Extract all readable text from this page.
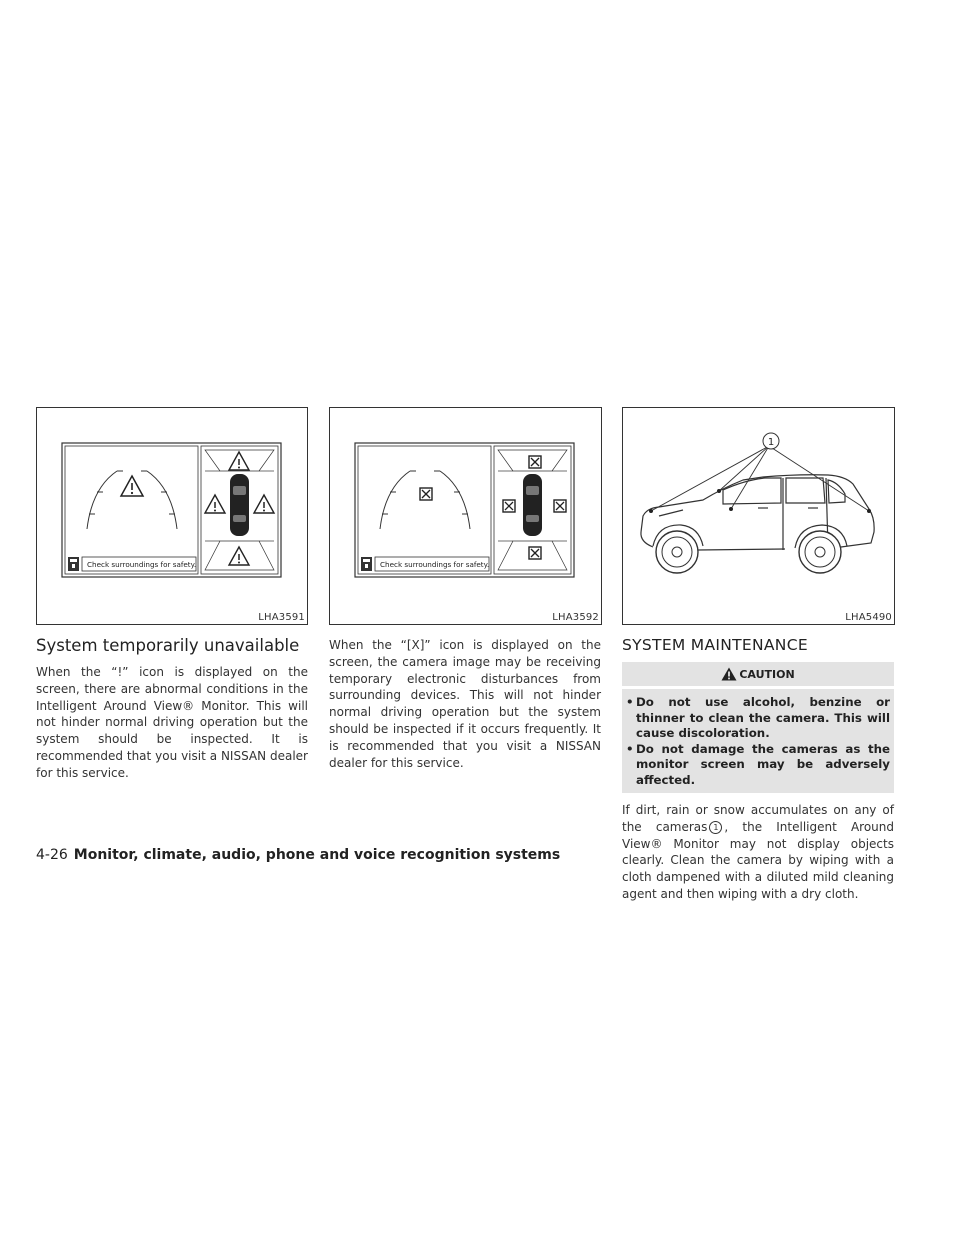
Check surroundings for safety.
LHA3591
Check surroundings for safety.
LHA3592
1
LHA5490
System temporarily unavailable

When the “!” icon is displayed on the screen, there are abnormal conditions in the Intelligent Around View® Monitor. This will not hinder normal driving operation but the system should be inspected. It is recommended that you visit a NISSAN dealer for this service.

When the “[X]” icon is displayed on the screen, the camera image may be receiving temporary electronic disturbances from surrounding devices. This will not hinder normal driving operation but the system should be inspected if it occurs frequently. It is recommended that you visit a NISSAN dealer for this service.

SYSTEM MAINTENANCE
CAUTION
• Do not use alcohol, benzine or thinner to clean the camera. This will cause discoloration.
• Do not damage the cameras as the monitor screen may be adversely affected.

If dirt, rain or snow accumulates on any of the cameras 1 , the Intelligent Around View® Monitor may not display objects clearly. Clean the camera by wiping with a cloth dampened with a diluted mild cleaning agent and then wiping with a dry cloth.

4-26 Monitor, climate, audio, phone and voice recognition systems
